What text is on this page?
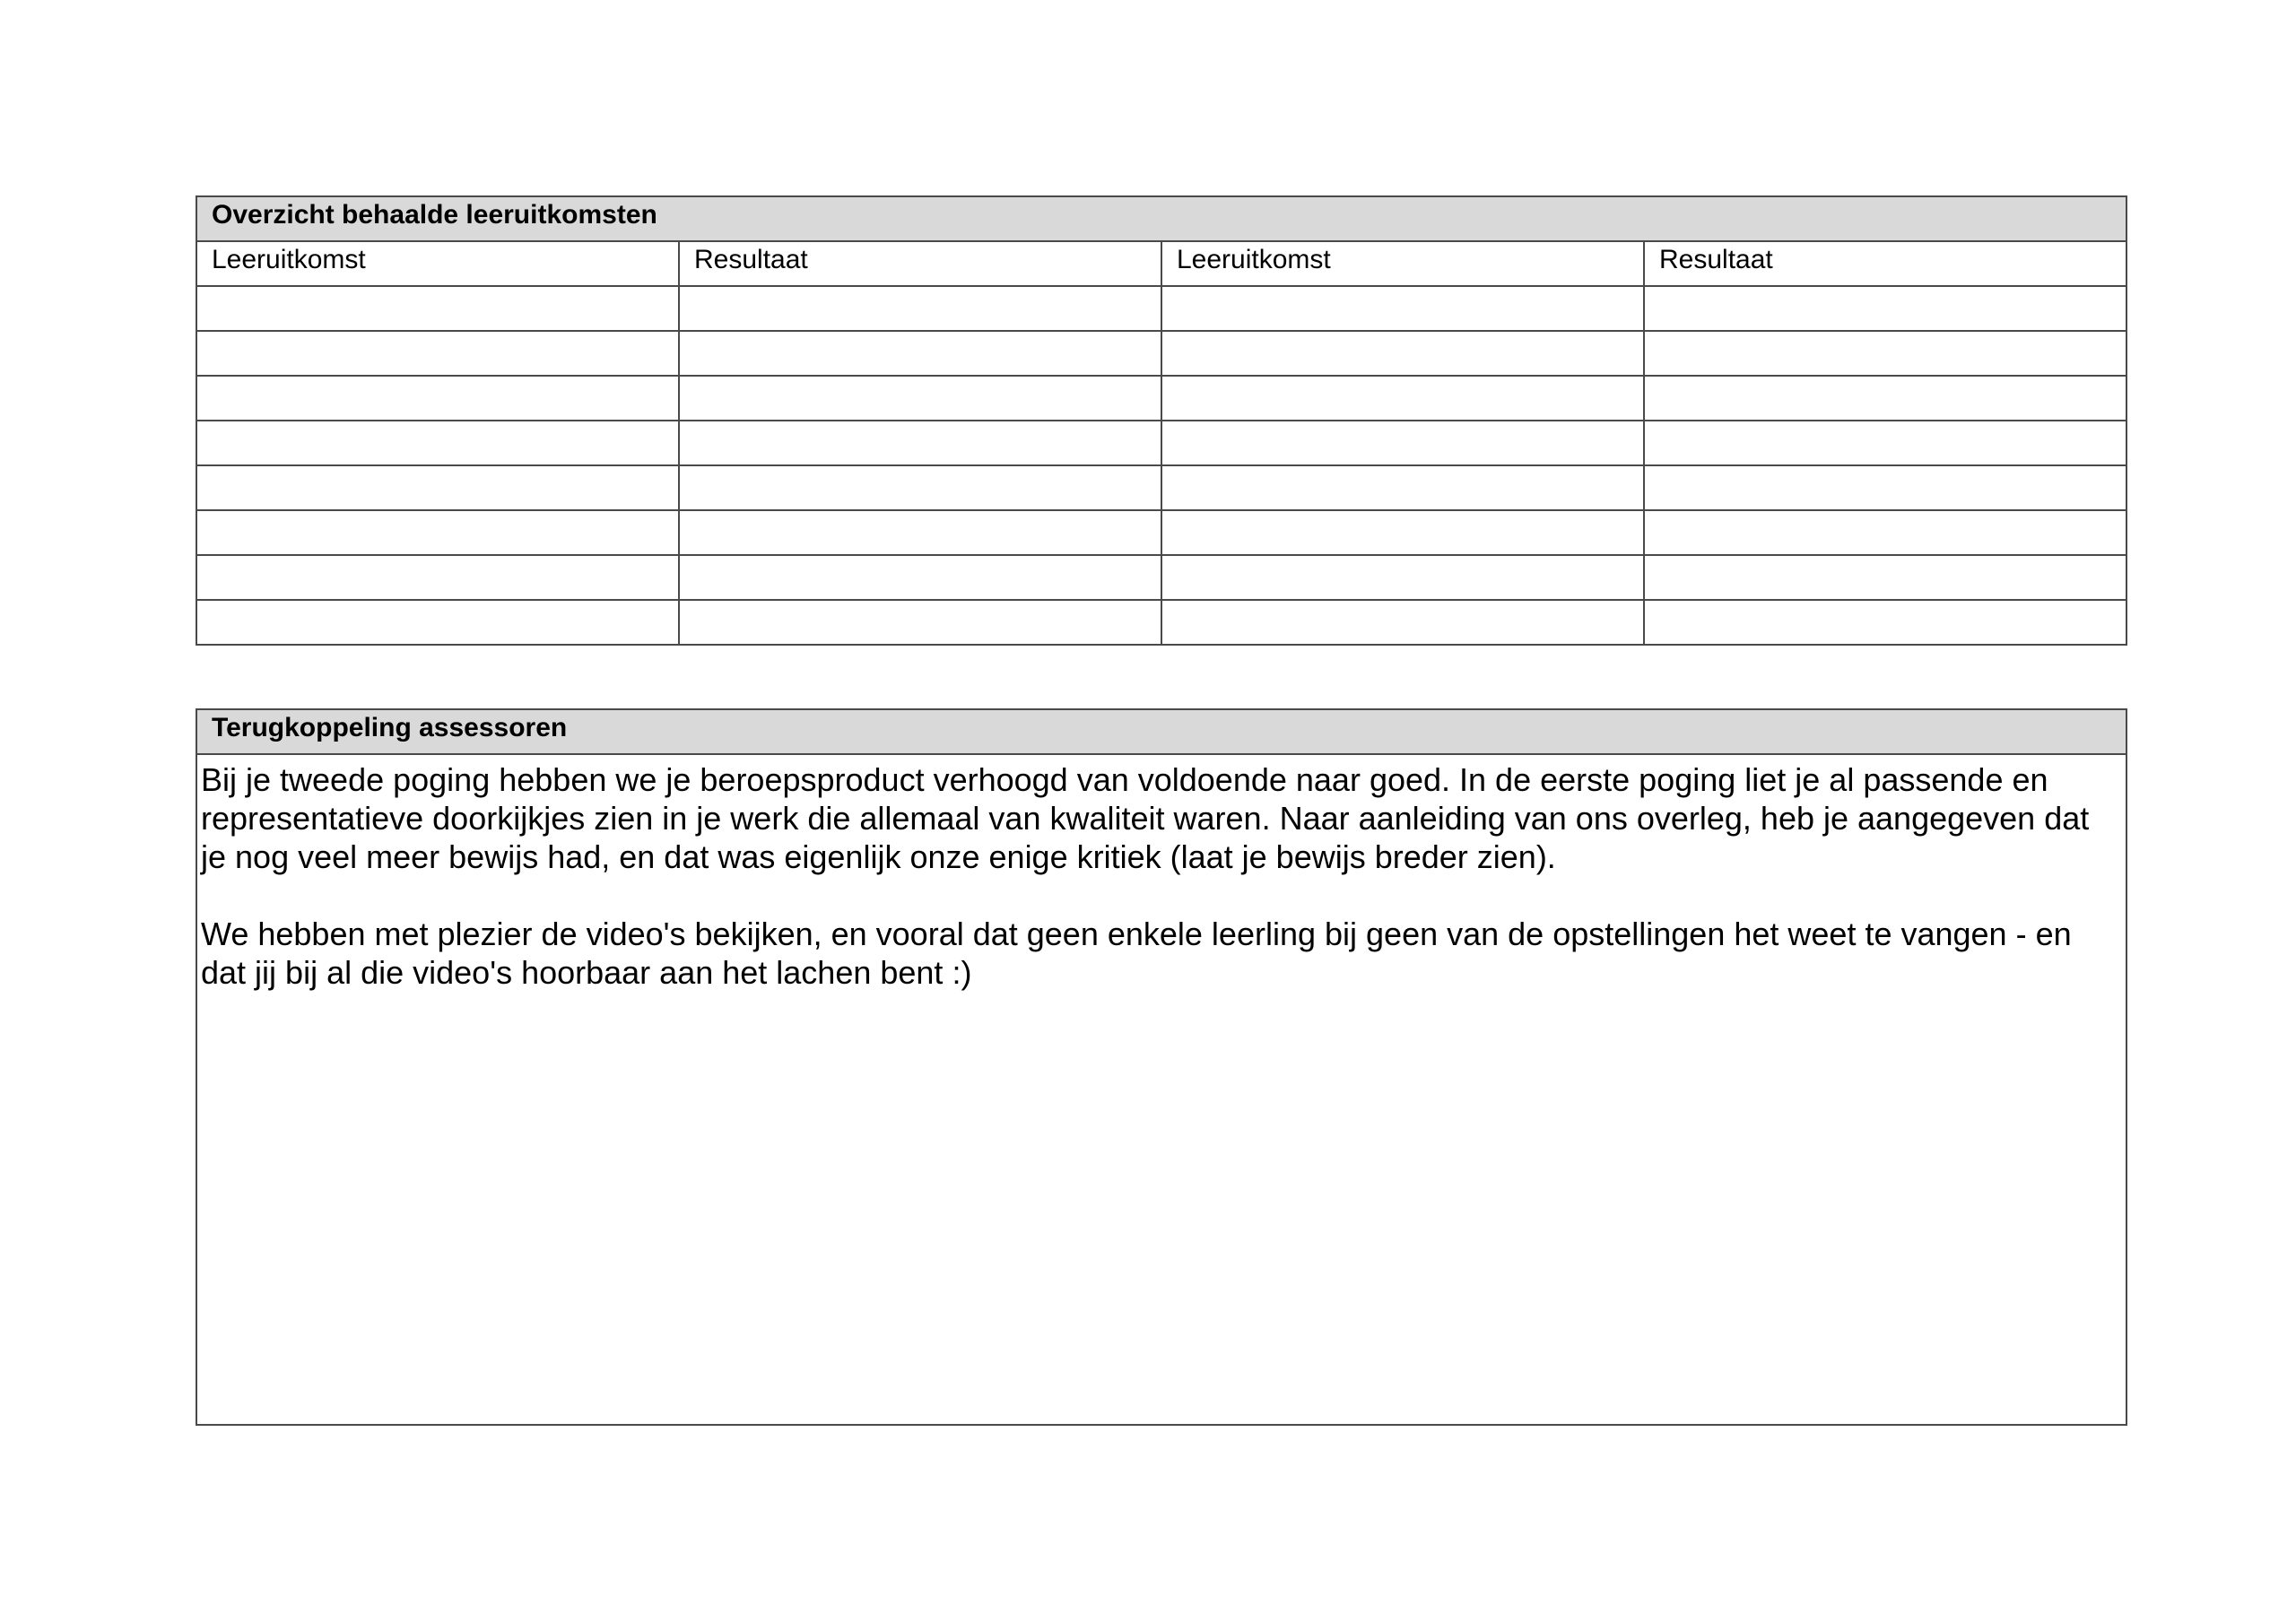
Overzicht behaalde leeruitkomsten			
Leeruitkomst	Resultaat	Leeruitkomst	Resultaat

Terugkoppeling assessoren

Bij je tweede poging hebben we je beroepsproduct verhoogd van voldoende naar goed. In de eerste poging liet je al passende en representatieve doorkijkjes zien in je werk die allemaal van kwaliteit waren. Naar aanleiding van ons overleg, heb je aangegeven dat je nog veel meer bewijs had, en dat was eigenlijk onze enige kritiek (laat je bewijs breder zien).

We hebben met plezier de video's bekijken, en vooral dat geen enkele leerling bij geen van de opstellingen het weet te vangen - en dat jij bij al die video's hoorbaar aan het lachen bent :)
